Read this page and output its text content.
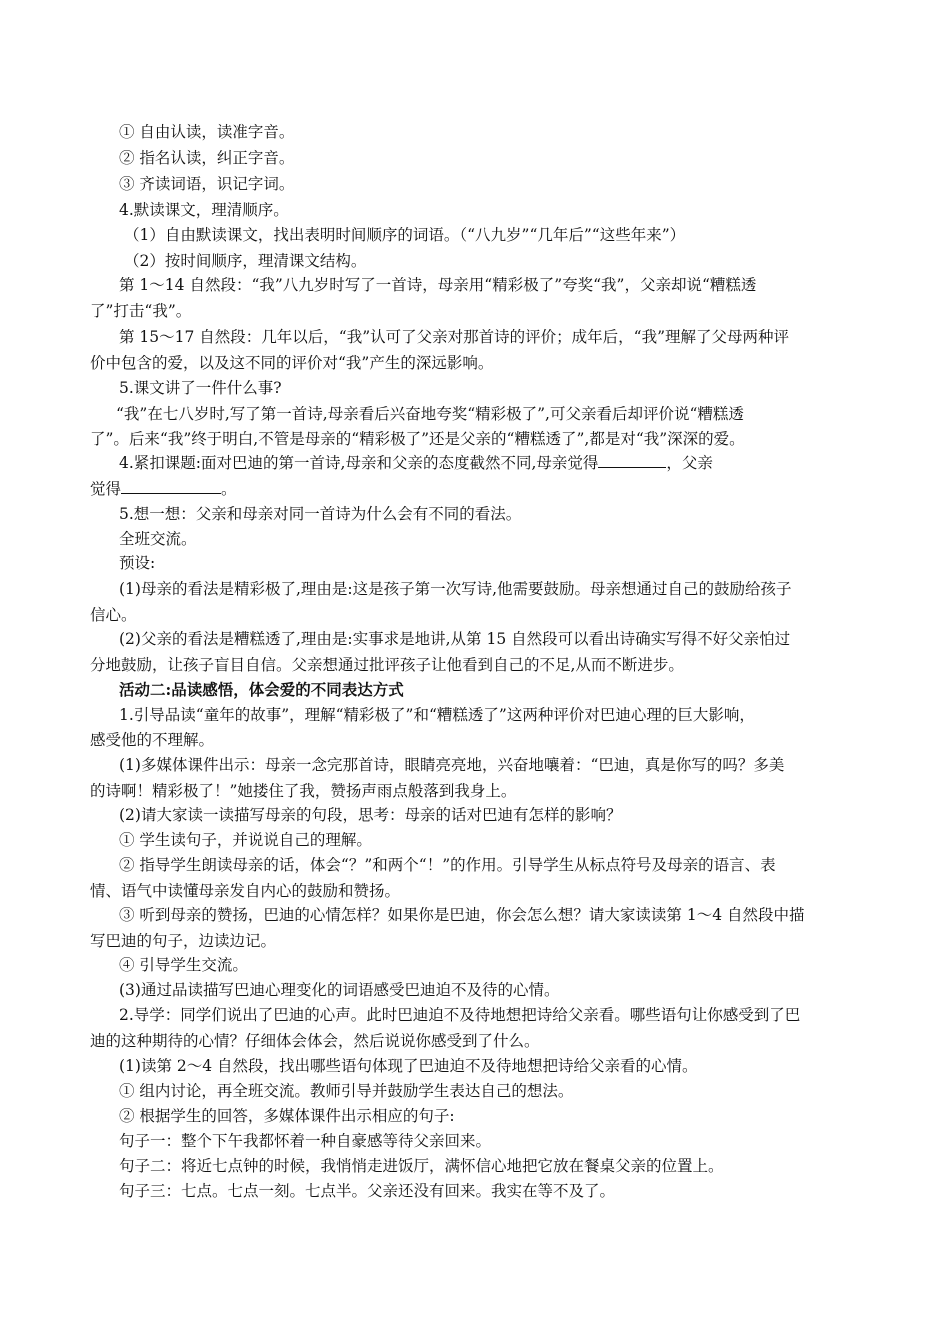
① 自由认读，读准字音。
② 指名认读，纠正字音。
③ 齐读词语，识记字词。
4.默读课文，理清顺序。
（1）自由默读课文，找出表明时间顺序的词语。（“八九岁”“几年后”“这些年来”）
（2）按时间顺序，理清课文结构。
第 1～14 自然段：“我”八九岁时写了一首诗，母亲用“精彩极了”夸奖“我”，父亲却说“糟糕透
了”打击“我”。
第 15～17 自然段：几年以后，“我”认可了父亲对那首诗的评价；成年后，“我”理解了父母两种评
价中包含的爱，以及这不同的评价对“我”产生的深远影响。
5.课文讲了一件什么事?
“我”在七八岁时,写了第一首诗,母亲看后兴奋地夸奖“精彩极了”,可父亲看后却评价说“糟糕透
了”。后来“我”终于明白,不管是母亲的“精彩极了”还是父亲的“糟糕透了”,都是对“我”深深的爱。
4.紧扣课题:面对巴迪的第一首诗,母亲和父亲的态度截然不同,母亲觉得	，父亲
觉得	。
5.想一想：父亲和母亲对同一首诗为什么会有不同的看法。
全班交流。
预设:
(1)母亲的看法是精彩极了,理由是:这是孩子第一次写诗,他需要鼓励。母亲想通过自己的鼓励给孩子
信心。
(2)父亲的看法是糟糕透了,理由是:实事求是地讲,从第 15 自然段可以看出诗确实写得不好父亲怕过
分地鼓励，让孩子盲目自信。父亲想通过批评孩子让他看到自己的不足,从而不断进步。
活动二:品读感悟，体会爱的不同表达方式
1.引导品读“童年的故事”，理解“精彩极了”和“糟糕透了”这两种评价对巴迪心理的巨大影响，
感受他的不理解。
(1)多媒体课件出示：母亲一念完那首诗，眼睛亮亮地，兴奋地嚷着：“巴迪，真是你写的吗？多美
的诗啊！精彩极了！”她搂住了我，赞扬声雨点般落到我身上。
(2)请大家读一读描写母亲的句段，思考：母亲的话对巴迪有怎样的影响？
① 学生读句子，并说说自己的理解。
② 指导学生朗读母亲的话，体会“？”和两个“！”的作用。引导学生从标点符号及母亲的语言、表
情、语气中读懂母亲发自内心的鼓励和赞扬。
③ 听到母亲的赞扬，巴迪的心情怎样？如果你是巴迪，你会怎么想？请大家读读第 1～4 自然段中描
写巴迪的句子，边读边记。
④ 引导学生交流。
(3)通过品读描写巴迪心理变化的词语感受巴迪迫不及待的心情。
2.导学：同学们说出了巴迪的心声。此时巴迪迫不及待地想把诗给父亲看。哪些语句让你感受到了巴
迪的这种期待的心情？仔细体会体会，然后说说你感受到了什么。
(1)读第 2～4 自然段，找出哪些语句体现了巴迪迫不及待地想把诗给父亲看的心情。
① 组内讨论，再全班交流。教师引导并鼓励学生表达自己的想法。
② 根据学生的回答，多媒体课件出示相应的句子:
句子一：整个下午我都怀着一种自豪感等待父亲回来。
句子二：将近七点钟的时候，我悄悄走进饭厅，满怀信心地把它放在餐桌父亲的位置上。
句子三：七点。七点一刻。七点半。父亲还没有回来。我实在等不及了。
